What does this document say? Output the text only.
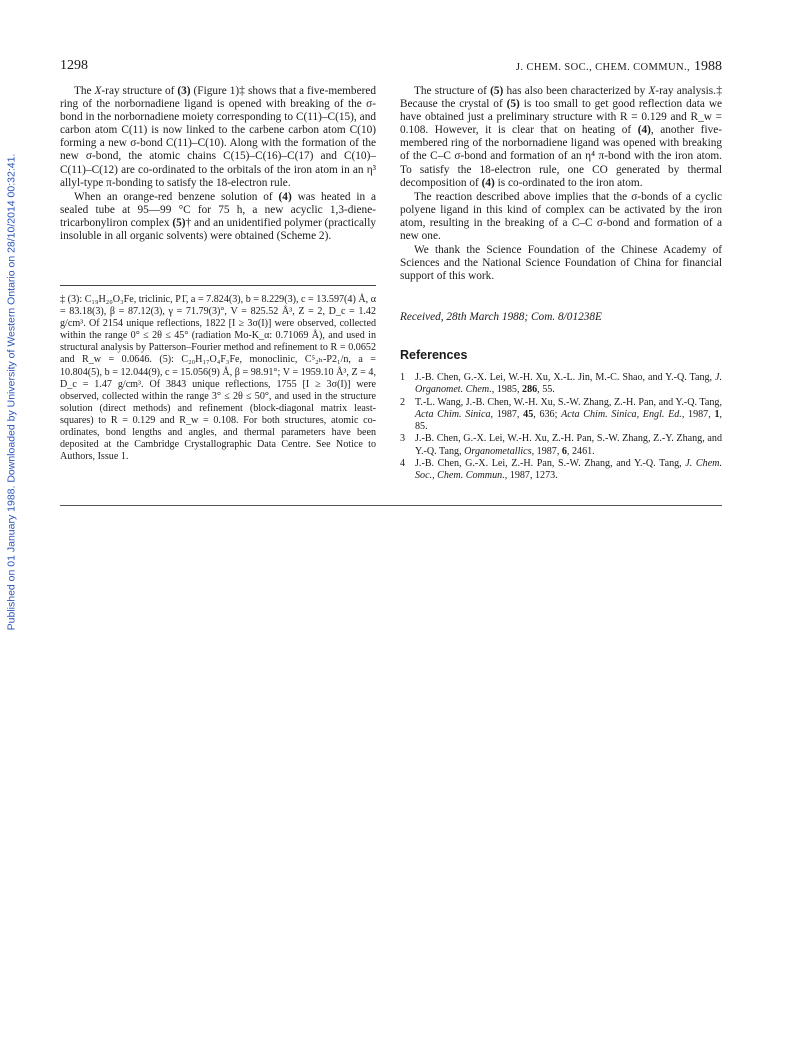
Published on 01 January 1988. Downloaded by University of Western Ontario on 28/10/2014 00:32:41.
1298	J. CHEM. SOC., CHEM. COMMUN., 1988

The X-ray structure of (3) (Figure 1)‡ shows that a five-membered ring of the norbornadiene ligand is opened with breaking of the σ-bond in the norbornadiene moiety corresponding to C(11)–C(15), and carbon atom C(11) is now linked to the carbene carbon atom C(10) forming a new σ-bond C(11)–C(10). Along with the formation of the new σ-bond, the atomic chains C(15)–C(16)–C(17) and C(10)–C(11)–C(12) are co-ordinated to the orbitals of the iron atom in an η³ allyl-type π-bonding to satisfy the 18-electron rule.

When an orange-red benzene solution of (4) was heated in a sealed tube at 95—99 °C for 75 h, a new acyclic 1,3-diene-tricarbonyliron complex (5)† and an unidentified polymer (practically insoluble in all organic solvents) were obtained (Scheme 2).

‡ (3): C₁₉H₂₀O₃Fe, triclinic, P1̄, a = 7.824(3), b = 8.229(3), c = 13.597(4) Å, α = 83.18(3), β = 87.12(3), γ = 71.79(3)°, V = 825.52 Å³, Z = 2, D_c = 1.42 g/cm³. Of 2154 unique reflections, 1822 [I ≥ 3σ(I)] were observed, collected within the range 0° ≤ 2θ ≤ 45° (radiation Mo-K_α: 0.71069 Å), and used in structural analysis by Patterson–Fourier method and refinement to R = 0.0652 and R_w = 0.0646. (5): C₂₀H₁₇O₄F₃Fe, monoclinic, C⁵₂ₕ-P2₁/n, a = 10.804(5), b = 12.044(9), c = 15.056(9) Å, β = 98.91°; V = 1959.10 Å³, Z = 4, D_c = 1.47 g/cm³. Of 3843 unique reflections, 1755 [I ≥ 3σ(I)] were observed, collected within the range 3° ≤ 2θ ≤ 50°, and used in the structure solution (direct methods) and refinement (block-diagonal matrix least-squares) to R = 0.129 and R_w = 0.108. For both structures, atomic co-ordinates, bond lengths and angles, and thermal parameters have been deposited at the Cambridge Crystallographic Data Centre. See Notice to Authors, Issue 1.

The structure of (5) has also been characterized by X-ray analysis.‡ Because the crystal of (5) is too small to get good reflection data we have obtained just a preliminary structure with R = 0.129 and R_w = 0.108. However, it is clear that on heating of (4), another five-membered ring of the norbornadiene ligand was opened with breaking of the C–C σ-bond and formation of an η⁴ π-bond with the iron atom. To satisfy the 18-electron rule, one CO generated by thermal decomposition of (4) is co-ordinated to the iron atom.

The reaction described above implies that the σ-bonds of a cyclic polyene ligand in this kind of complex can be activated by the iron atom, resulting in the breaking of a C–C σ-bond and formation of a new one.

We thank the Science Foundation of the Chinese Academy of Sciences and the National Science Foundation of China for financial support of this work.

Received, 28th March 1988; Com. 8/01238E
References
1 J.-B. Chen, G.-X. Lei, W.-H. Xu, X.-L. Jin, M.-C. Shao, and Y.-Q. Tang, J. Organomet. Chem., 1985, 286, 55.
2 T.-L. Wang, J.-B. Chen, W.-H. Xu, S.-W. Zhang, Z.-H. Pan, and Y.-Q. Tang, Acta Chim. Sinica, 1987, 45, 636; Acta Chim. Sinica, Engl. Ed., 1987, 1, 85.
3 J.-B. Chen, G.-X. Lei, W.-H. Xu, Z.-H. Pan, S.-W. Zhang, Z.-Y. Zhang, and Y.-Q. Tang, Organometallics, 1987, 6, 2461.
4 J.-B. Chen, G.-X. Lei, Z.-H. Pan, S.-W. Zhang, and Y.-Q. Tang, J. Chem. Soc., Chem. Commun., 1987, 1273.
